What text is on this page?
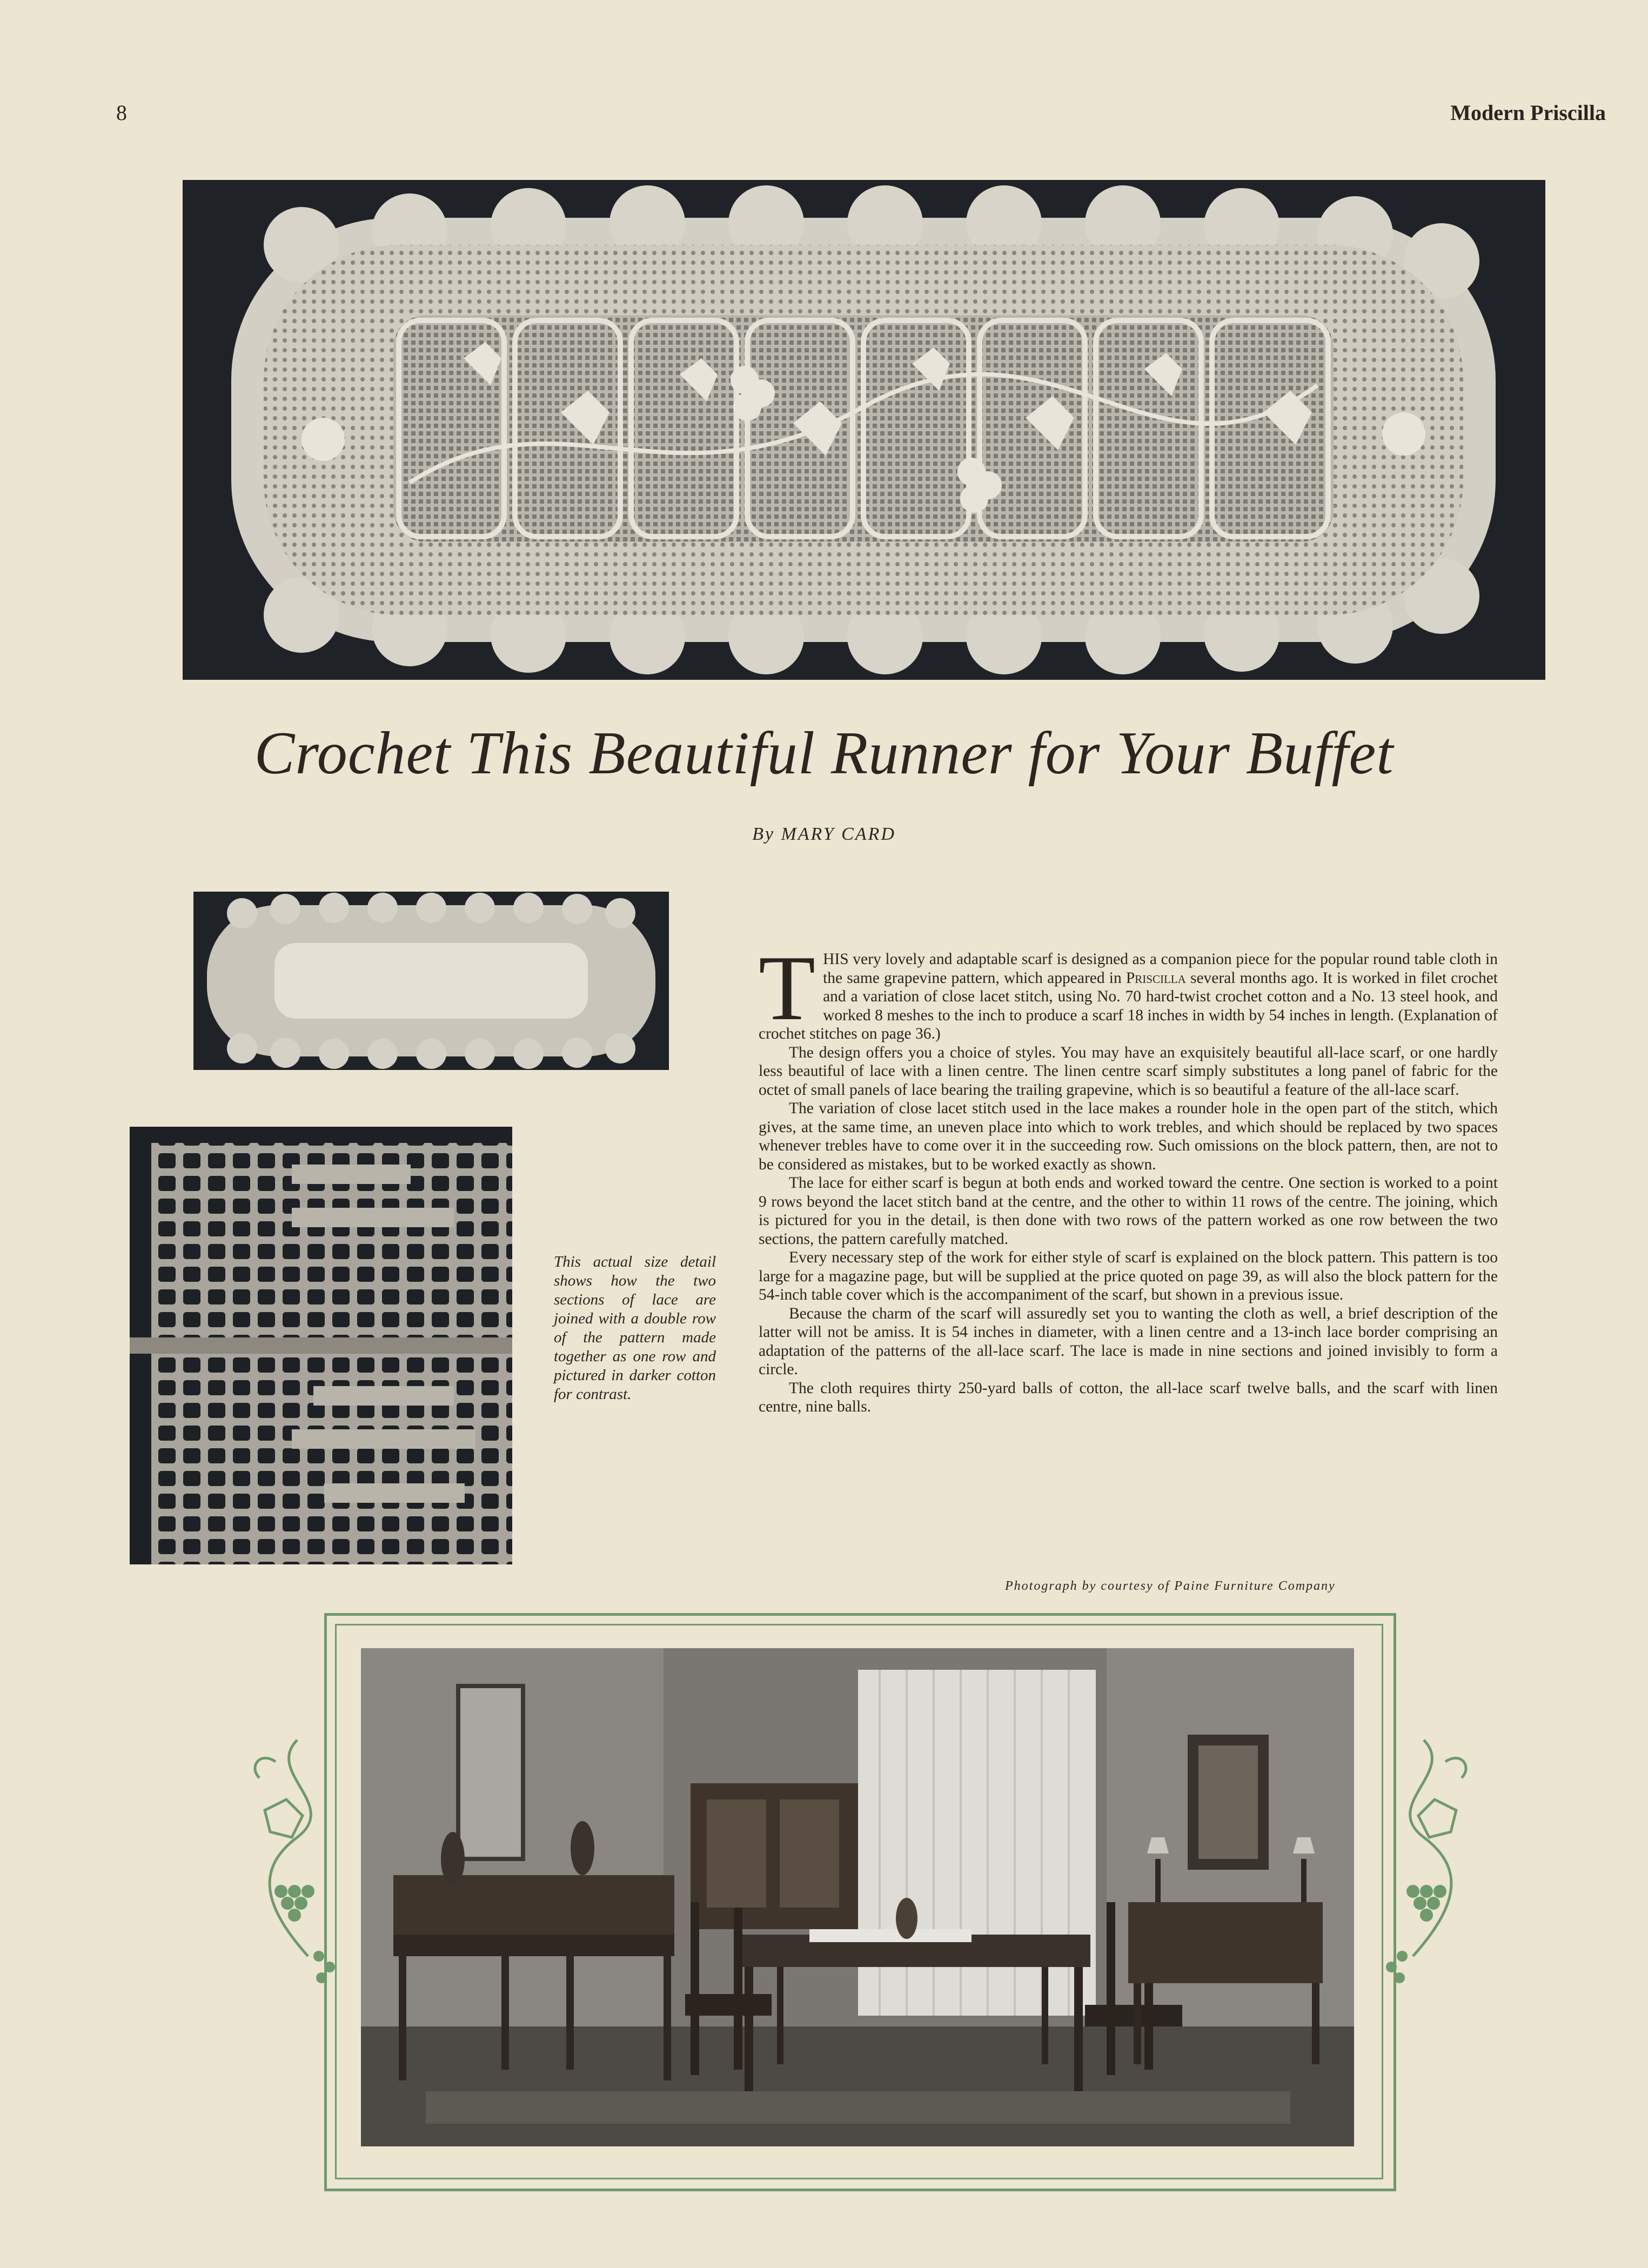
8	Modern Priscilla
Crochet This Beautiful Runner for Your Buffet
By MARY CARD
This actual size detail shows how the two sections of lace are joined with a double row of the pattern made together as one row and pictured in darker cotton for contrast.

THIS very lovely and adaptable scarf is designed as a companion piece for the popular round table cloth in the same grapevine pattern, which appeared in Priscilla several months ago. It is worked in filet crochet and a variation of close lacet stitch, using No. 70 hard-twist crochet cotton and a No. 13 steel hook, and worked 8 meshes to the inch to produce a scarf 18 inches in width by 54 inches in length. (Explanation of crochet stitches on page 36.)

The design offers you a choice of styles. You may have an exquisitely beautiful all-lace scarf, or one hardly less beautiful of lace with a linen centre. The linen centre scarf simply substitutes a long panel of fabric for the octet of small panels of lace bearing the trailing grapevine, which is so beautiful a feature of the all-lace scarf.

The variation of close lacet stitch used in the lace makes a rounder hole in the open part of the stitch, which gives, at the same time, an uneven place into which to work trebles, and which should be replaced by two spaces whenever trebles have to come over it in the succeeding row. Such omissions on the block pattern, then, are not to be considered as mistakes, but to be worked exactly as shown.

The lace for either scarf is begun at both ends and worked toward the centre. One section is worked to a point 9 rows beyond the lacet stitch band at the centre, and the other to within 11 rows of the centre. The joining, which is pictured for you in the detail, is then done with two rows of the pattern worked as one row between the two sections, the pattern carefully matched.

Every necessary step of the work for either style of scarf is explained on the block pattern. This pattern is too large for a magazine page, but will be supplied at the price quoted on page 39, as will also the block pattern for the 54-inch table cover which is the accompaniment of the scarf, but shown in a previous issue.

Because the charm of the scarf will assuredly set you to wanting the cloth as well, a brief description of the latter will not be amiss. It is 54 inches in diameter, with a linen centre and a 13-inch lace border comprising an adaptation of the patterns of the all-lace scarf. The lace is made in nine sections and joined invisibly to form a circle.

The cloth requires thirty 250-yard balls of cotton, the all-lace scarf twelve balls, and the scarf with linen centre, nine balls.

Photograph by courtesy of Paine Furniture Company
